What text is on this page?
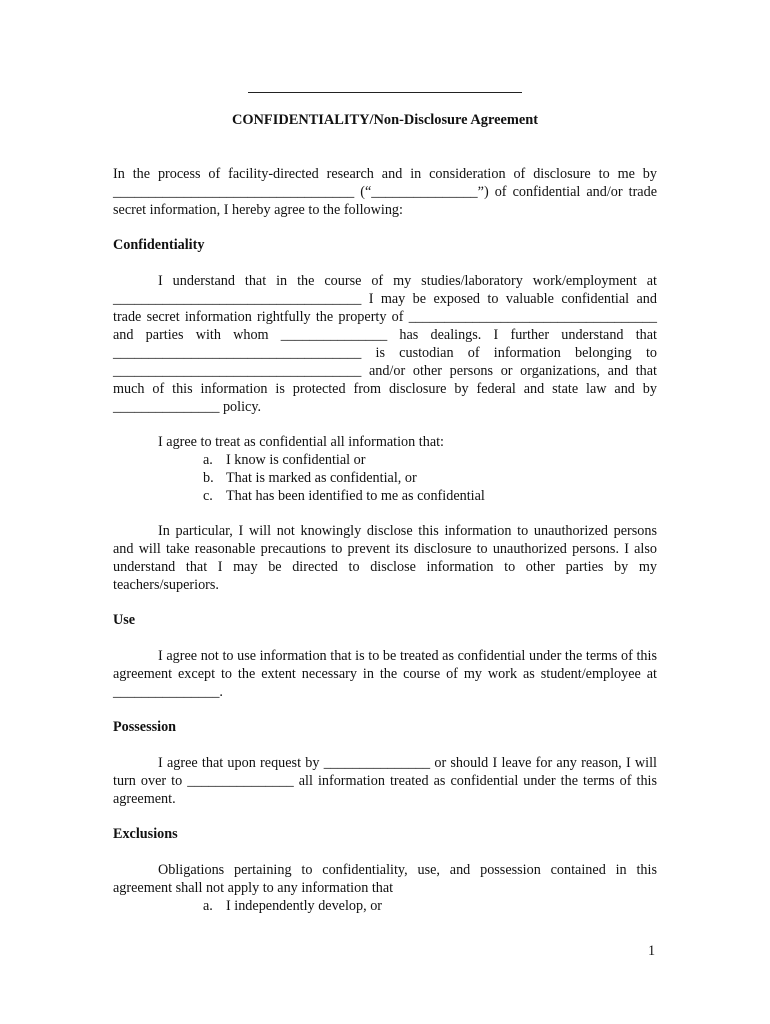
CONFIDENTIALITY/Non-Disclosure Agreement
In the process of facility-directed research and in consideration of disclosure to me by __________________________________ (“_______________”) of confidential and/or trade secret information, I hereby agree to the following:
Confidentiality
I understand that in the course of my studies/laboratory work/employment at ___________________________________ I may be exposed to valuable confidential and trade secret information rightfully the property of ___________________________________ and parties with whom _______________ has dealings. I further understand that ___________________________________ is custodian of information belonging to ___________________________________ and/or other persons or organizations, and that much of this information is protected from disclosure by federal and state law and by _______________ policy.
I agree to treat as confidential all information that:
a. I know is confidential or
b. That is marked as confidential, or
c. That has been identified to me as confidential
In particular, I will not knowingly disclose this information to unauthorized persons and will take reasonable precautions to prevent its disclosure to unauthorized persons. I also understand that I may be directed to disclose information to other parties by my teachers/superiors.
Use
I agree not to use information that is to be treated as confidential under the terms of this agreement except to the extent necessary in the course of my work as student/employee at _______________.
Possession
I agree that upon request by _______________ or should I leave for any reason, I will turn over to _______________ all information treated as confidential under the terms of this agreement.
Exclusions
Obligations pertaining to confidentiality, use, and possession contained in this agreement shall not apply to any information that
a. I independently develop, or
1
